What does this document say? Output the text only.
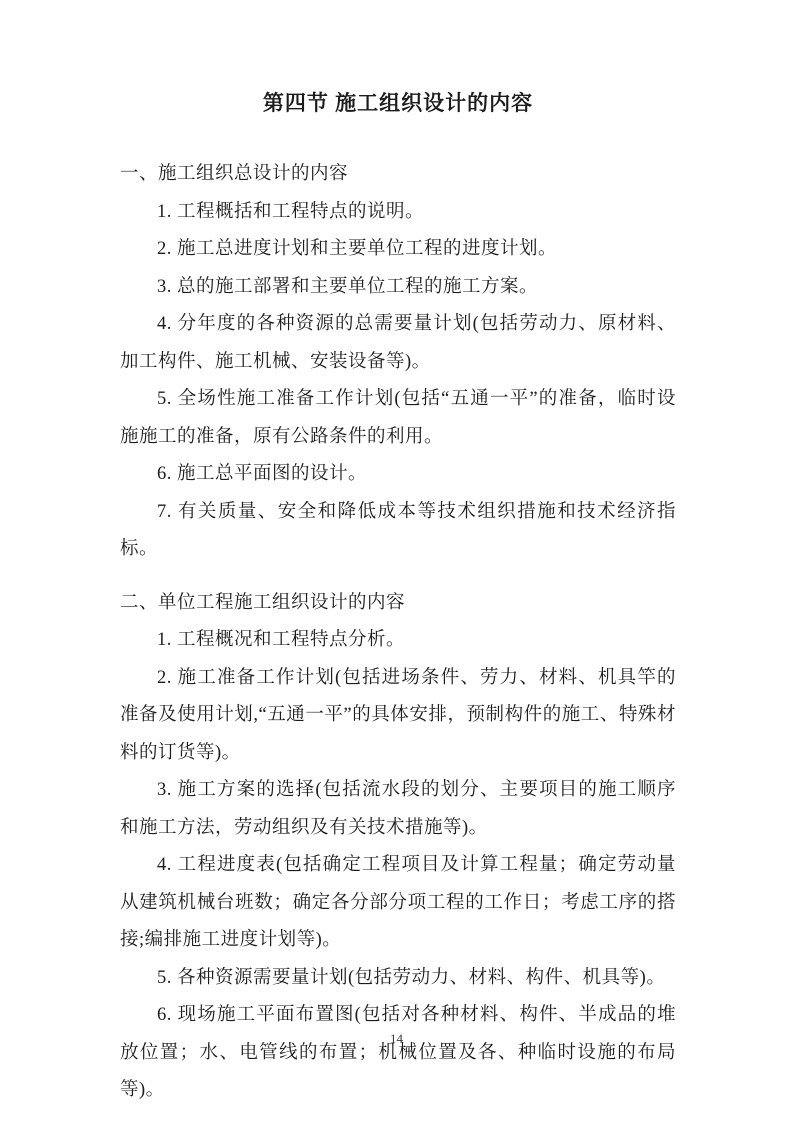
第四节 施工组织设计的内容

一、施工组织总设计的内容

1. 工程概括和工程特点的说明。

2. 施工总进度计划和主要单位工程的进度计划。

3. 总的施工部署和主要单位工程的施工方案。

4. 分年度的各种资源的总需要量计划(包括劳动力、原材料、加工构件、施工机械、安装设备等)。

5. 全场性施工准备工作计划(包括“五通一平”的准备，临时设施施工的准备，原有公路条件的利用。

6. 施工总平面图的设计。

7. 有关质量、安全和降低成本等技术组织措施和技术经济指标。

二、单位工程施工组织设计的内容

1. 工程概况和工程特点分析。

2. 施工准备工作计划(包括进场条件、劳力、材料、机具竿的准备及使用计划,“五通一平”的具体安排，预制构件的施工、特殊材料的订货等)。

3. 施工方案的选择(包括流水段的划分、主要项目的施工顺序和施工方法，劳动组织及有关技术措施等)。

4. 工程进度表(包括确定工程项目及计算工程量；确定劳动量从建筑机械台班数；确定各分部分项工程的工作日；考虑工序的搭接;编排施工进度计划等)。

5. 各种资源需要量计划(包括劳动力、材料、构件、机具等)。

6. 现场施工平面布置图(包括对各种材料、构件、半成品的堆放位置；水、电管线的布置；机械位置及各、种临时设施的布局等)。

14
